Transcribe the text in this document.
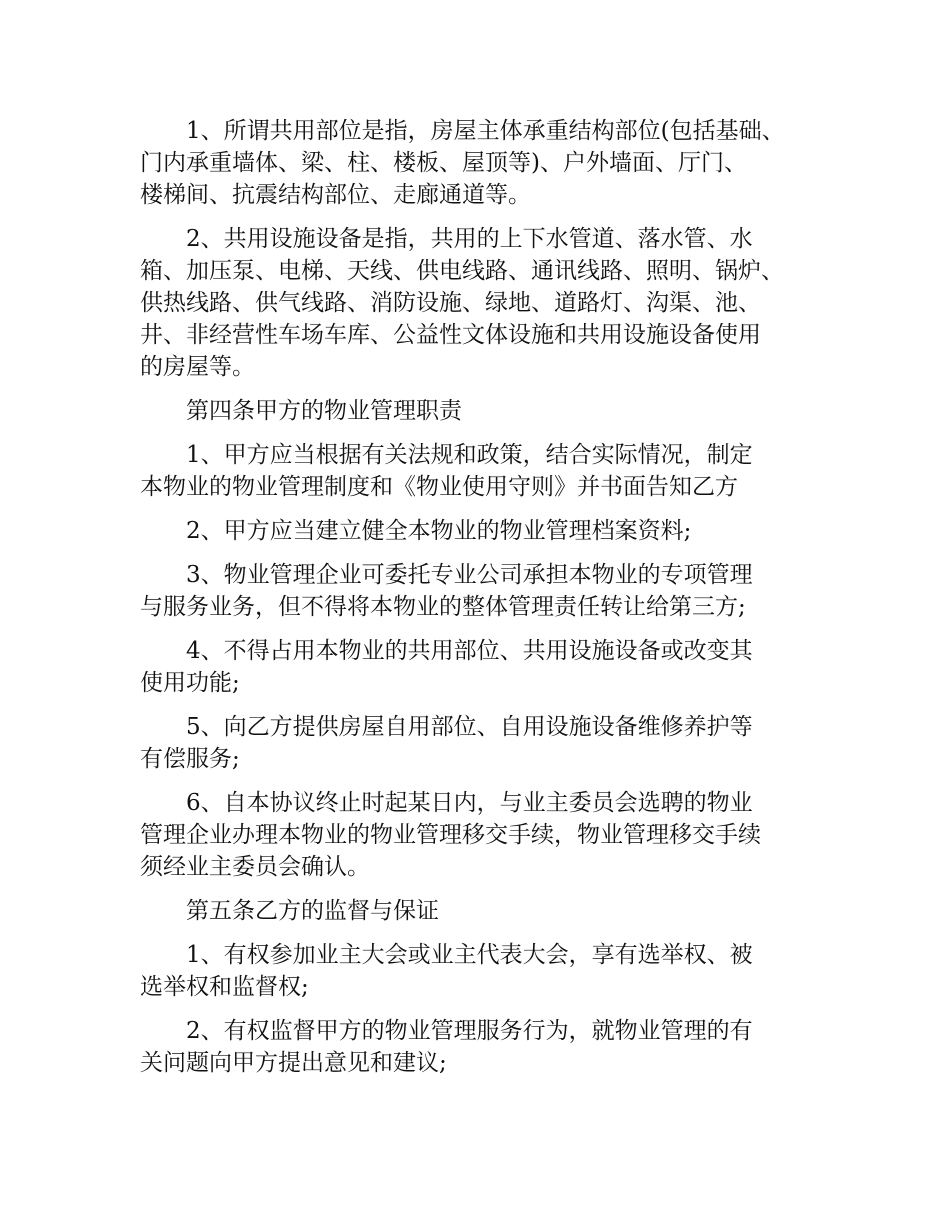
1、所谓共用部位是指，房屋主体承重结构部位(包括基础、
门内承重墙体、梁、柱、楼板、屋顶等)、户外墙面、厅门、
楼梯间、抗震结构部位、走廊通道等。
2、共用设施设备是指，共用的上下水管道、落水管、水
箱、加压泵、电梯、天线、供电线路、通讯线路、照明、锅炉、
供热线路、供气线路、消防设施、绿地、道路灯、沟渠、池、
井、非经营性车场车库、公益性文体设施和共用设施设备使用
的房屋等。
第四条甲方的物业管理职责
1、甲方应当根据有关法规和政策，结合实际情况，制定
本物业的物业管理制度和《物业使用守则》并书面告知乙方
2、甲方应当建立健全本物业的物业管理档案资料;
3、物业管理企业可委托专业公司承担本物业的专项管理
与服务业务，但不得将本物业的整体管理责任转让给第三方;
4、不得占用本物业的共用部位、共用设施设备或改变其
使用功能;
5、向乙方提供房屋自用部位、自用设施设备维修养护等
有偿服务;
6、自本协议终止时起某日内，与业主委员会选聘的物业
管理企业办理本物业的物业管理移交手续，物业管理移交手续
须经业主委员会确认。
第五条乙方的监督与保证
1、有权参加业主大会或业主代表大会，享有选举权、被
选举权和监督权;
2、有权监督甲方的物业管理服务行为，就物业管理的有
关问题向甲方提出意见和建议;
